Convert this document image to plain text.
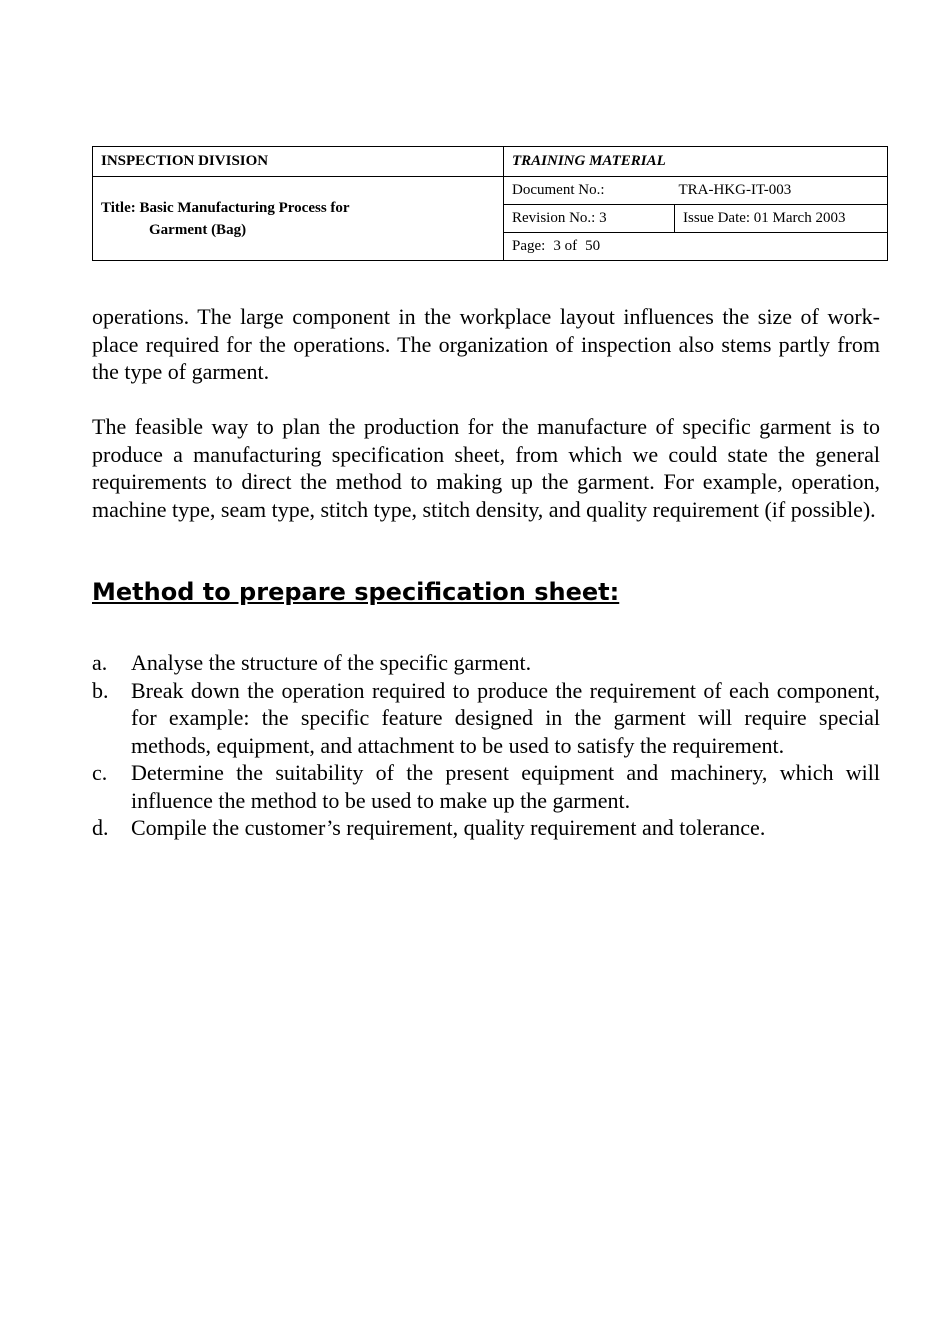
INSPECTION DIVISION	TRAINING MATERIAL	

Title: Basic Manufacturing Process for
Garment (Bag)	Document No.: TRA-HKG-IT-003	
	Revision No.: 3	Issue Date: 01 March 2003
	Page: 3 of 50	

operations. The large component in the workplace layout influences the size of work-place required for the operations. The organization of inspection also stems partly from the type of garment.

The feasible way to plan the production for the manufacture of specific garment is to produce a manufacturing specification sheet, from which we could state the general requirements to direct the method to making up the garment. For example, operation, machine type, seam type, stitch type, stitch density, and quality requirement (if possible).

Method to prepare specification sheet:
a.	Analyse the structure of the specific garment.
b.	Break down the operation required to produce the requirement of each component, for example: the specific feature designed in the garment will require special methods, equipment, and attachment to be used to satisfy the requirement.
c.	Determine the suitability of the present equipment and machinery, which will influence the method to be used to make up the garment.
d.	Compile the customer’s requirement, quality requirement and tolerance.
